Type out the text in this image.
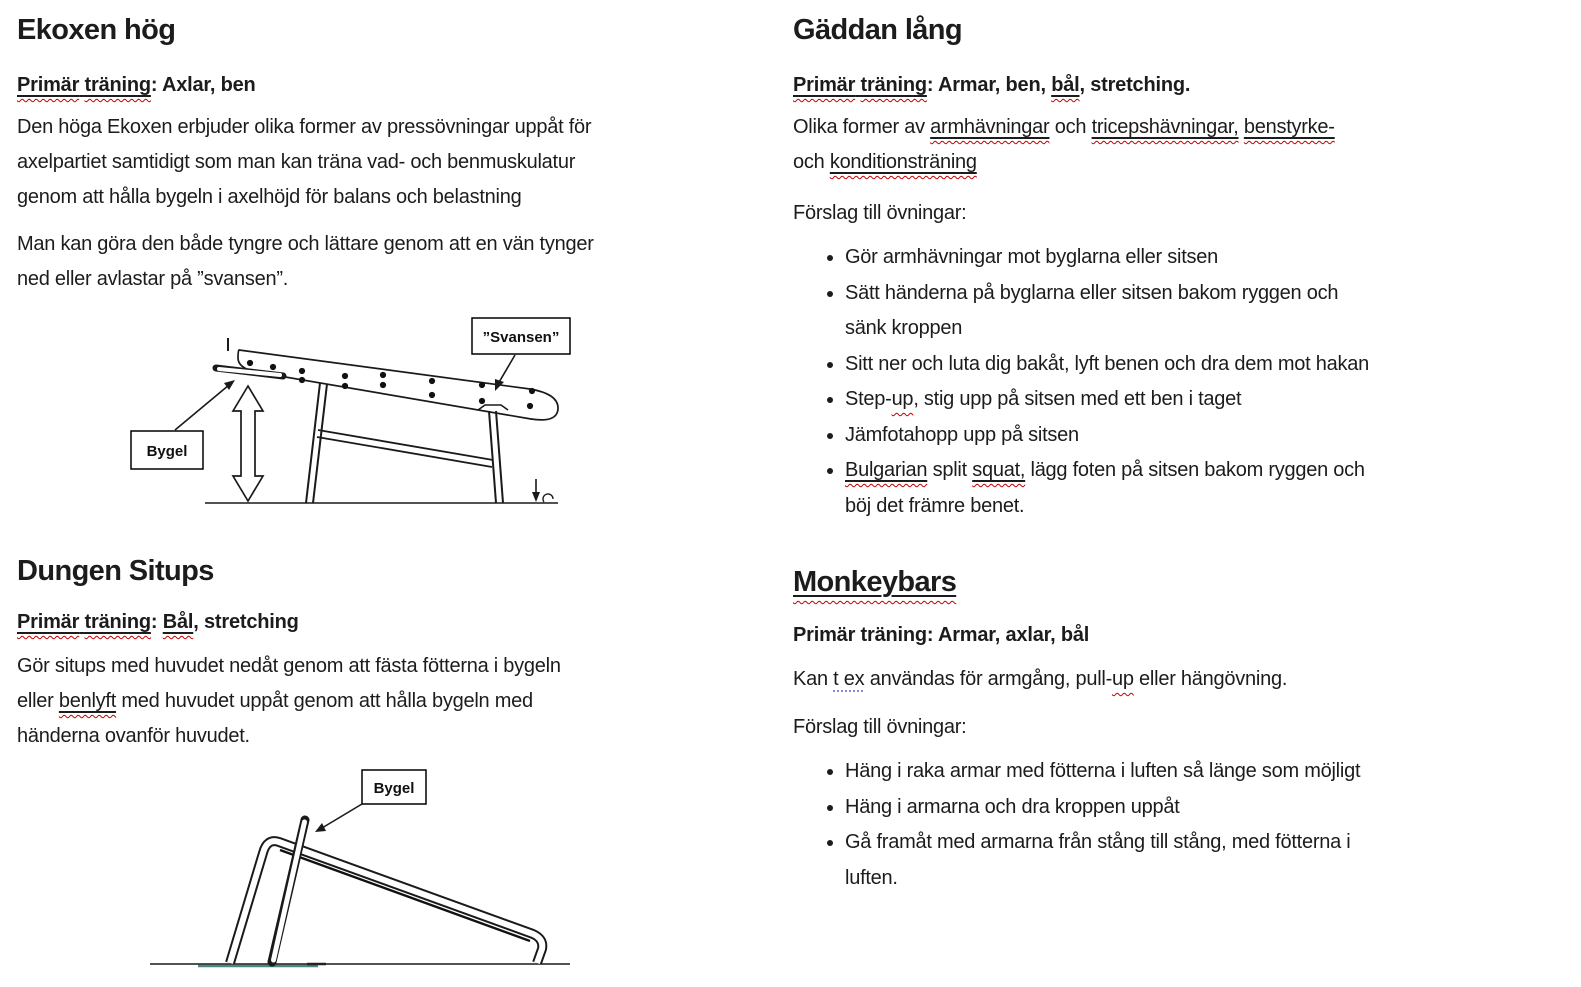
Ekoxen hög
Primär träning: Axlar, ben

Den höga Ekoxen erbjuder olika former av pressövningar uppåt för
axelpartiet samtidigt som man kan träna vad- och benmuskulatur
genom att hålla bygeln i axelhöjd för balans och belastning

Man kan göra den både tyngre och lättare genom att en vän tynger
ned eller avlastar på ”svansen”.

”Svansen”
Bygel
Dungen Situps
Primär träning: Bål, stretching

Gör situps med huvudet nedåt genom att fästa fötterna i bygeln
eller benlyft med huvudet uppåt genom att hålla bygeln med
händerna ovanför huvudet.

Bygel
Gäddan lång
Primär träning: Armar, ben, bål, stretching.

Olika former av armhävningar och tricepshävningar, benstyrke-
och konditionsträning

Förslag till övningar:
• Gör armhävningar mot byglarna eller sitsen
• Sätt händerna på byglarna eller sitsen bakom ryggen och
sänk kroppen
• Sitt ner och luta dig bakåt, lyft benen och dra dem mot hakan
• Step-up, stig upp på sitsen med ett ben i taget
• Jämfotahopp upp på sitsen
• Bulgarian split squat, lägg foten på sitsen bakom ryggen och
böj det främre benet.
Monkeybars
Primär träning: Armar, axlar, bål

Kan t ex användas för armgång, pull-up eller hängövning.

Förslag till övningar:
• Häng i raka armar med fötterna i luften så länge som möjligt
• Häng i armarna och dra kroppen uppåt
• Gå framåt med armarna från stång till stång, med fötterna i
luften.
